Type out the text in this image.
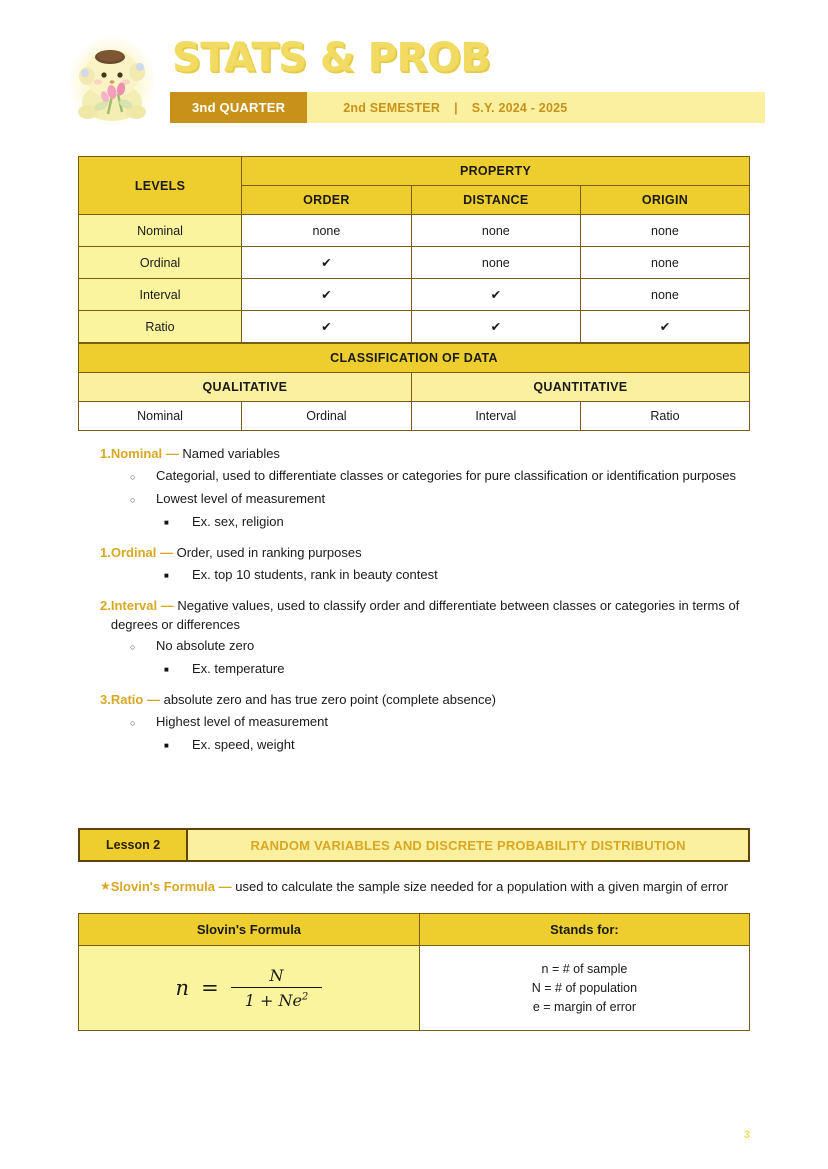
STATS & PROB
3nd QUARTER	2nd SEMESTER | S.Y. 2024 - 2025
LEVELS	PROPERTY		
	ORDER	DISTANCE	ORIGIN
Nominal	none	none	none
Ordinal	✔	none	none
Interval	✔	✔	none
Ratio	✔	✔	✔
CLASSIFICATION OF DATA			
QUALITATIVE		QUANTITATIVE	
Nominal	Ordinal	Interval	Ratio
1. Nominal — Named variables
○	Categorial, used to differentiate classes or categories for pure classification or identification purposes
○	Lowest level of measurement
■	Ex. sex, religion
1. Ordinal — Order, used in ranking purposes
■	Ex. top 10 students, rank in beauty contest
2. Interval — Negative values, used to classify order and differentiate between classes or categories in terms of degrees or differences
○	No absolute zero
■	Ex. temperature
3. Ratio — absolute zero and has true zero point (complete absence)
○	Highest level of measurement
■	Ex. speed, weight
Lesson 2	RANDOM VARIABLES AND DISCRETE PROBABILITY DISTRIBUTION
★ Slovin's Formula — used to calculate the sample size needed for a population with a given margin of error
Slovin's Formula	Stands for:

$n = \frac{N}{1 + Ne^2}$	n = # of sample
N = # of population
e = margin of error
3
